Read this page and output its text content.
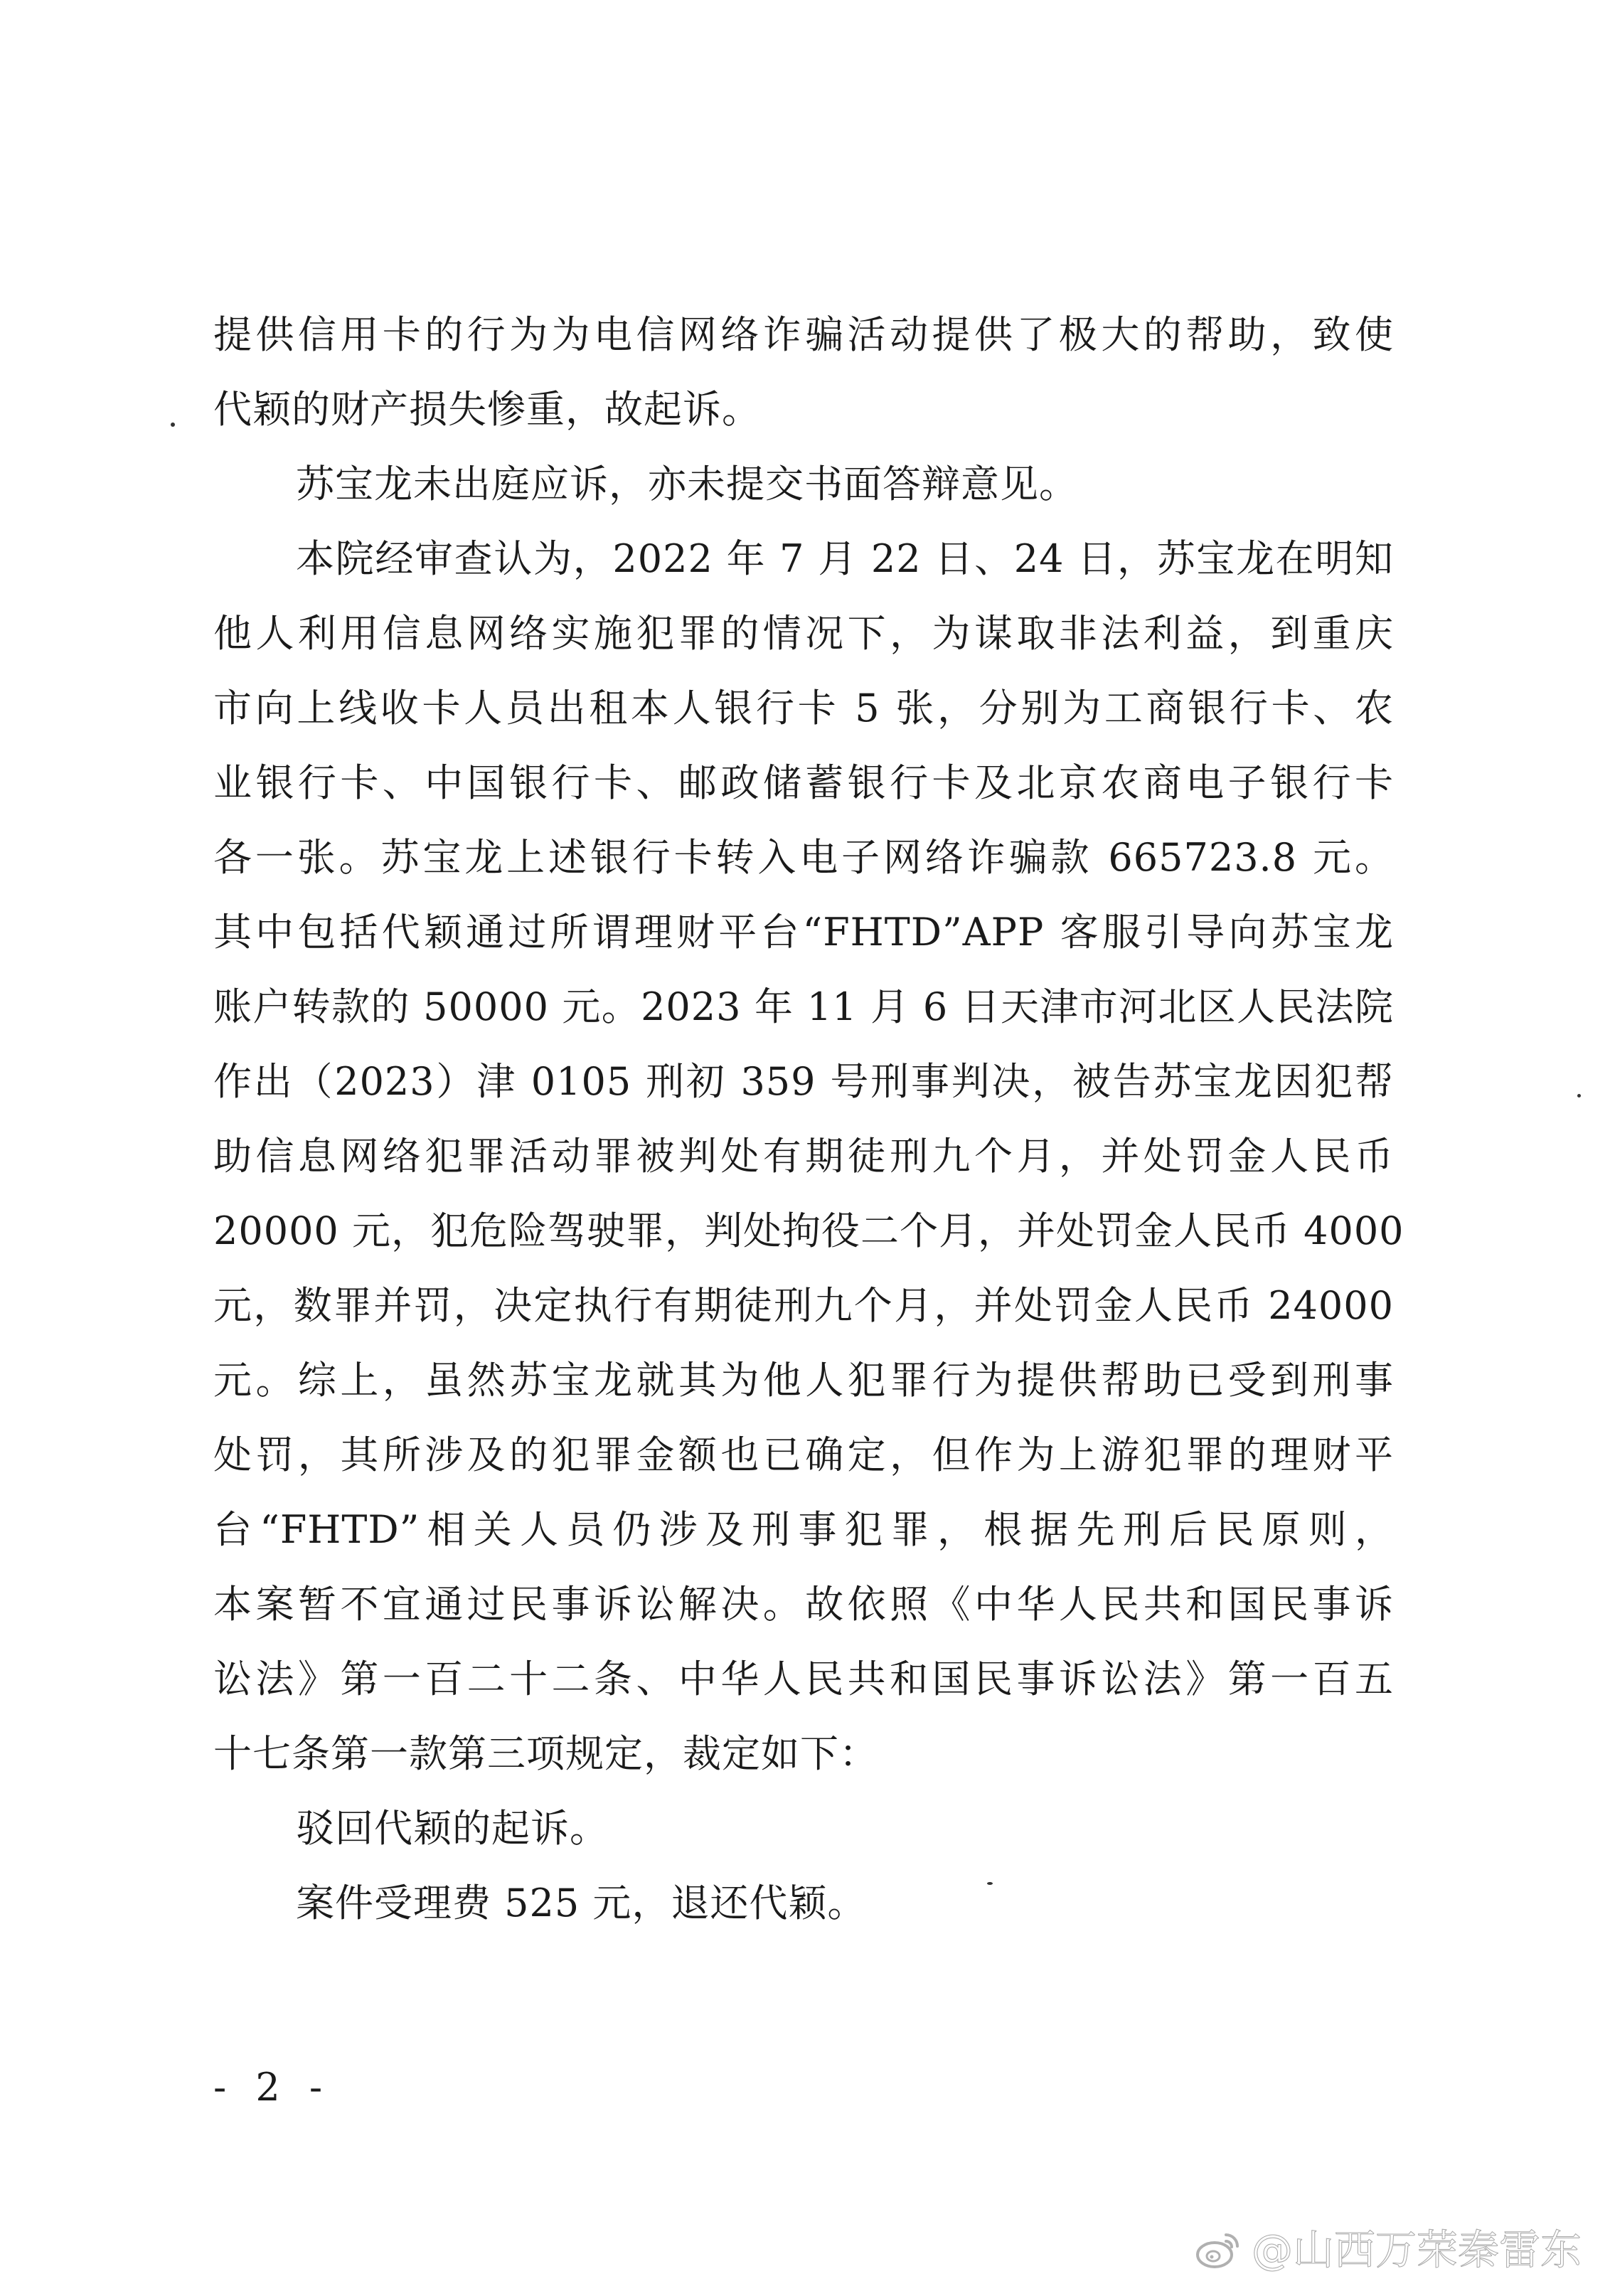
提供信用卡的行为为电信网络诈骗活动提供了极大的帮助，致使
代颖的财产损失惨重，故起诉。
苏宝龙未出庭应诉，亦未提交书面答辩意见。
本院经审查认为，2022 年 7 月 22 日、24 日，苏宝龙在明知
他人利用信息网络实施犯罪的情况下，为谋取非法利益，到重庆
市向上线收卡人员出租本人银行卡 5 张，分别为工商银行卡、农
业银行卡、中国银行卡、邮政储蓄银行卡及北京农商电子银行卡
各一张。苏宝龙上述银行卡转入电子网络诈骗款 665723.8 元。
其中包括代颖通过所谓理财平台“FHTD”APP 客服引导向苏宝龙
账户转款的 50000 元。2023 年 11 月 6 日天津市河北区人民法院
作出（2023）津 0105 刑初 359 号刑事判决，被告苏宝龙因犯帮
助信息网络犯罪活动罪被判处有期徒刑九个月，并处罚金人民币
20000 元，犯危险驾驶罪，判处拘役二个月，并处罚金人民币 4000
元，数罪并罚，决定执行有期徒刑九个月，并处罚金人民币 24000
元。综上，虽然苏宝龙就其为他人犯罪行为提供帮助已受到刑事
处罚，其所涉及的犯罪金额也已确定，但作为上游犯罪的理财平
台“FHTD”相关人员仍涉及刑事犯罪，根据先刑后民原则，
本案暂不宜通过民事诉讼解决。故依照《中华人民共和国民事诉
讼法》第一百二十二条、中华人民共和国民事诉讼法》第一百五
十七条第一款第三项规定，裁定如下：
驳回代颖的起诉。
案件受理费 525 元，退还代颖。
- 2 -
@山西万荣秦雷东
